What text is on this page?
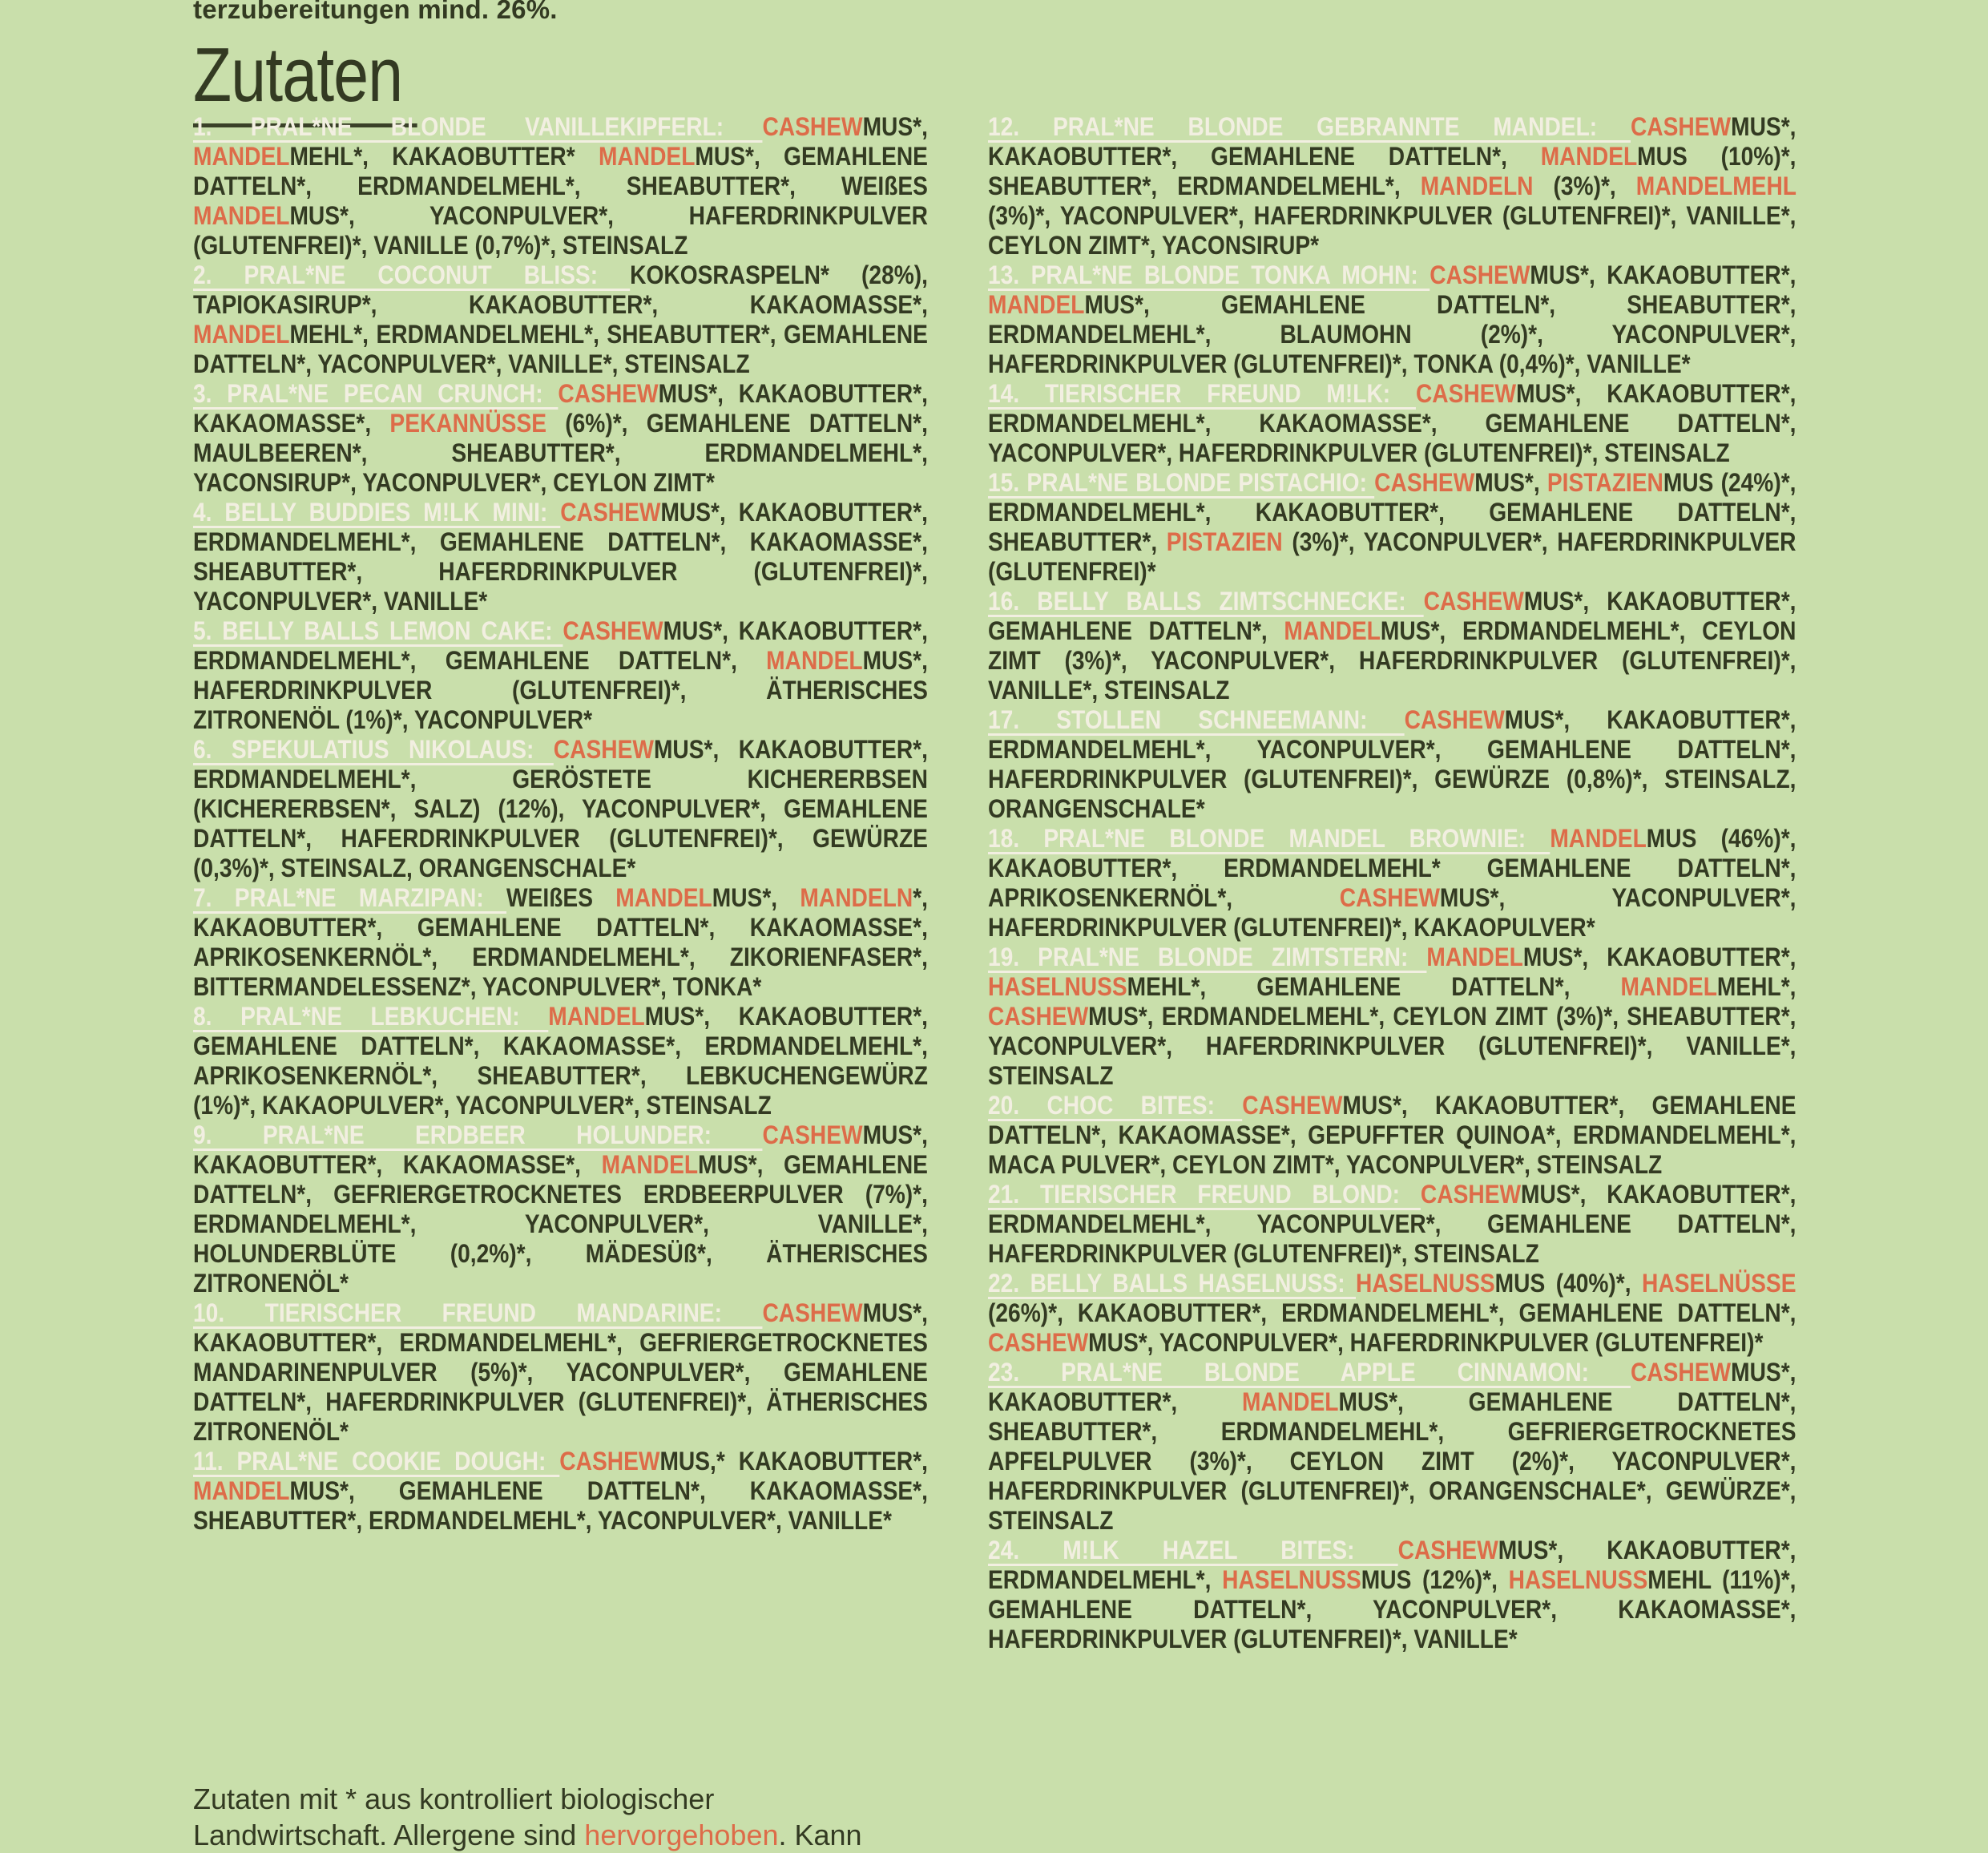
terzubereitungen mind. 26%.
Zutaten

1. PRAL*NE BLONDE VANILLEKIPFERL: CASHEWMUS*, MANDELMEHL*, KAKAOBUTTER* MANDELMUS*, GEMAHLENE DATTELN*, ERDMANDELMEHL*, SHEABUTTER*, WEIßES MANDELMUS*, YACONPULVER*, HAFERDRINKPULVER (GLUTENFREI)*, VANILLE (0,7%)*, STEINSALZ

2. PRAL*NE COCONUT BLISS: KOKOSRASPELN* (28%), TAPIOKASIRUP*, KAKAOBUTTER*, KAKAOMASSE*, MANDELMEHL*, ERDMANDELMEHL*, SHEABUTTER*, GEMAHLENE DATTELN*, YACONPULVER*, VANILLE*, STEINSALZ

3. PRAL*NE PECAN CRUNCH: CASHEWMUS*, KAKAOBUTTER*, KAKAOMASSE*, PEKANNÜSSE (6%)*, GEMAHLENE DATTELN*, MAULBEEREN*, SHEABUTTER*, ERDMANDELMEHL*, YACONSIRUP*, YACONPULVER*, CEYLON ZIMT*

4. BELLY BUDDIES M!LK MINI: CASHEWMUS*, KAKAOBUTTER*, ERDMANDELMEHL*, GEMAHLENE DATTELN*, KAKAOMASSE*, SHEABUTTER*, HAFERDRINKPULVER (GLUTENFREI)*, YACONPULVER*, VANILLE*

5. BELLY BALLS LEMON CAKE: CASHEWMUS*, KAKAOBUTTER*, ERDMANDELMEHL*, GEMAHLENE DATTELN*, MANDELMUS*, HAFERDRINKPULVER (GLUTENFREI)*, ÄTHERISCHES ZITRONENÖL (1%)*, YACONPULVER*

6. SPEKULATIUS NIKOLAUS: CASHEWMUS*, KAKAOBUTTER*, ERDMANDELMEHL*, GERÖSTETE KICHERERBSEN (KICHERERBSEN*, SALZ) (12%), YACONPULVER*, GEMAHLENE DATTELN*, HAFERDRINKPULVER (GLUTENFREI)*, GEWÜRZE (0,3%)*, STEINSALZ, ORANGENSCHALE*

7. PRAL*NE MARZIPAN: WEIßES MANDELMUS*, MANDELN*, KAKAOBUTTER*, GEMAHLENE DATTELN*, KAKAOMASSE*, APRIKOSENKERNÖL*, ERDMANDELMEHL*, ZIKORIENFASER*, BITTERMANDELESSENZ*, YACONPULVER*, TONKA*

8. PRAL*NE LEBKUCHEN: MANDELMUS*, KAKAOBUTTER*, GEMAHLENE DATTELN*, KAKAOMASSE*, ERDMANDELMEHL*, APRIKOSENKERNÖL*, SHEABUTTER*, LEBKUCHENGEWÜRZ (1%)*, KAKAOPULVER*, YACONPULVER*, STEINSALZ

9. PRAL*NE ERDBEER HOLUNDER: CASHEWMUS*, KAKAOBUTTER*, KAKAOMASSE*, MANDELMUS*, GEMAHLENE DATTELN*, GEFRIERGETROCKNETES ERDBEERPULVER (7%)*, ERDMANDELMEHL*, YACONPULVER*, VANILLE*, HOLUNDERBLÜTE (0,2%)*, MÄDESÜß*, ÄTHERISCHES ZITRONENÖL*

10. TIERISCHER FREUND MANDARINE: CASHEWMUS*, KAKAOBUTTER*, ERDMANDELMEHL*, GEFRIERGETROCKNETES MANDARINENPULVER (5%)*, YACONPULVER*, GEMAHLENE DATTELN*, HAFERDRINKPULVER (GLUTENFREI)*, ÄTHERISCHES ZITRONENÖL*

11. PRAL*NE COOKIE DOUGH: CASHEWMUS,* KAKAOBUTTER*, MANDELMUS*, GEMAHLENE DATTELN*, KAKAOMASSE*, SHEABUTTER*, ERDMANDELMEHL*, YACONPULVER*, VANILLE*

12. PRAL*NE BLONDE GEBRANNTE MANDEL: CASHEWMUS*, KAKAOBUTTER*, GEMAHLENE DATTELN*, MANDELMUS (10%)*, SHEABUTTER*, ERDMANDELMEHL*, MANDELN (3%)*, MANDELMEHL (3%)*, YACONPULVER*, HAFERDRINKPULVER (GLUTENFREI)*, VANILLE*, CEYLON ZIMT*, YACONSIRUP*

13. PRAL*NE BLONDE TONKA MOHN: CASHEWMUS*, KAKAOBUTTER*, MANDELMUS*, GEMAHLENE DATTELN*, SHEABUTTER*, ERDMANDELMEHL*, BLAUMOHN (2%)*, YACONPULVER*, HAFERDRINKPULVER (GLUTENFREI)*, TONKA (0,4%)*, VANILLE*

14. TIERISCHER FREUND M!LK: CASHEWMUS*, KAKAOBUTTER*, ERDMANDELMEHL*, KAKAOMASSE*, GEMAHLENE DATTELN*, YACONPULVER*, HAFERDRINKPULVER (GLUTENFREI)*, STEINSALZ

15. PRAL*NE BLONDE PISTACHIO: CASHEWMUS*, PISTAZIENMUS (24%)*, ERDMANDELMEHL*, KAKAOBUTTER*, GEMAHLENE DATTELN*, SHEABUTTER*, PISTAZIEN (3%)*, YACONPULVER*, HAFERDRINKPULVER (GLUTENFREI)*

16. BELLY BALLS ZIMTSCHNECKE: CASHEWMUS*, KAKAOBUTTER*, GEMAHLENE DATTELN*, MANDELMUS*, ERDMANDELMEHL*, CEYLON ZIMT (3%)*, YACONPULVER*, HAFERDRINKPULVER (GLUTENFREI)*, VANILLE*, STEINSALZ

17. STOLLEN SCHNEEMANN: CASHEWMUS*, KAKAOBUTTER*, ERDMANDELMEHL*, YACONPULVER*, GEMAHLENE DATTELN*, HAFERDRINKPULVER (GLUTENFREI)*, GEWÜRZE (0,8%)*, STEINSALZ, ORANGENSCHALE*

18. PRAL*NE BLONDE MANDEL BROWNIE: MANDELMUS (46%)*, KAKAOBUTTER*, ERDMANDELMEHL* GEMAHLENE DATTELN*, APRIKOSENKERNÖL*, CASHEWMUS*, YACONPULVER*, HAFERDRINKPULVER (GLUTENFREI)*, KAKAOPULVER*

19. PRAL*NE BLONDE ZIMTSTERN: MANDELMUS*, KAKAOBUTTER*, HASELNUSSMEHL*, GEMAHLENE DATTELN*, MANDELMEHL*, CASHEWMUS*, ERDMANDELMEHL*, CEYLON ZIMT (3%)*, SHEABUTTER*, YACONPULVER*, HAFERDRINKPULVER (GLUTENFREI)*, VANILLE*, STEINSALZ

20. CHOC BITES: CASHEWMUS*, KAKAOBUTTER*, GEMAHLENE DATTELN*, KAKAOMASSE*, GEPUFFTER QUINOA*, ERDMANDELMEHL*, MACA PULVER*, CEYLON ZIMT*, YACONPULVER*, STEINSALZ

21. TIERISCHER FREUND BLOND: CASHEWMUS*, KAKAOBUTTER*, ERDMANDELMEHL*, YACONPULVER*, GEMAHLENE DATTELN*, HAFERDRINKPULVER (GLUTENFREI)*, STEINSALZ

22. BELLY BALLS HASELNUSS: HASELNUSSMUS (40%)*, HASELNÜSSE (26%)*, KAKAOBUTTER*, ERDMANDELMEHL*, GEMAHLENE DATTELN*, CASHEWMUS*, YACONPULVER*, HAFERDRINKPULVER (GLUTENFREI)*

23. PRAL*NE BLONDE APPLE CINNAMON: CASHEWMUS*, KAKAOBUTTER*, MANDELMUS*, GEMAHLENE DATTELN*, SHEABUTTER*, ERDMANDELMEHL*, GEFRIERGETROCKNETES APFELPULVER (3%)*, CEYLON ZIMT (2%)*, YACONPULVER*, HAFERDRINKPULVER (GLUTENFREI)*, ORANGENSCHALE*, GEWÜRZE*, STEINSALZ

24. M!LK HAZEL BITES: CASHEWMUS*, KAKAOBUTTER*, ERDMANDELMEHL*, HASELNUSSMUS (12%)*, HASELNUSSMEHL (11%)*, GEMAHLENE DATTELN*, YACONPULVER*, KAKAOMASSE*, HAFERDRINKPULVER (GLUTENFREI)*, VANILLE*

Zutaten mit * aus kontrolliert biologischer
Landwirtschaft. Allergene sind hervorgehoben. Kann
